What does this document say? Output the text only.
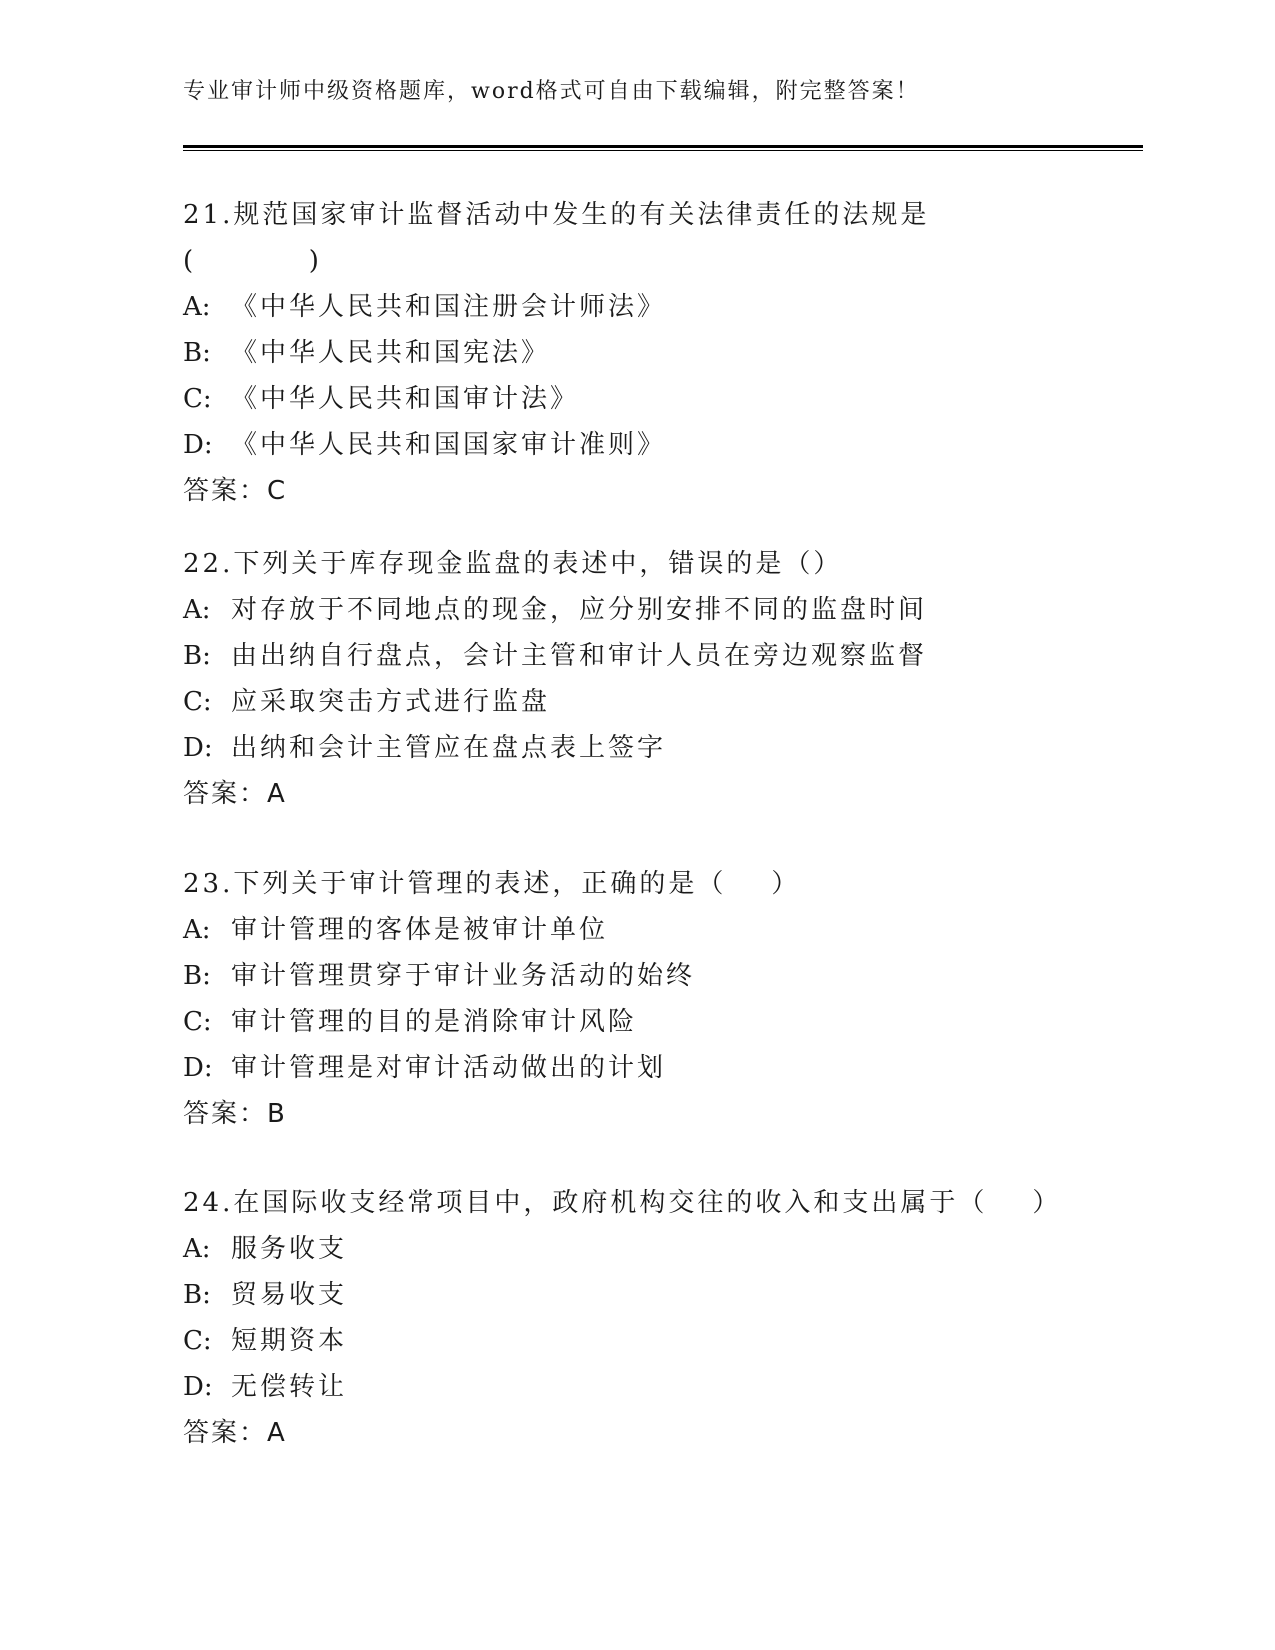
专业审计师中级资格题库，word格式可自由下载编辑，附完整答案！
21.规范国家审计监督活动中发生的有关法律责任的法规是
(          )
A: 《中华人民共和国注册会计师法》
B: 《中华人民共和国宪法》
C: 《中华人民共和国审计法》
D: 《中华人民共和国国家审计准则》
答案：C
22.下列关于库存现金监盘的表述中，错误的是（）
A: 对存放于不同地点的现金，应分别安排不同的监盘时间
B: 由出纳自行盘点，会计主管和审计人员在旁边观察监督
C: 应采取突击方式进行监盘
D: 出纳和会计主管应在盘点表上签字
答案：A
23.下列关于审计管理的表述，正确的是（    ）
A: 审计管理的客体是被审计单位
B: 审计管理贯穿于审计业务活动的始终
C: 审计管理的目的是消除审计风险
D: 审计管理是对审计活动做出的计划
答案：B
24.在国际收支经常项目中，政府机构交往的收入和支出属于（    ）
A: 服务收支
B: 贸易收支
C: 短期资本
D: 无偿转让
答案：A
